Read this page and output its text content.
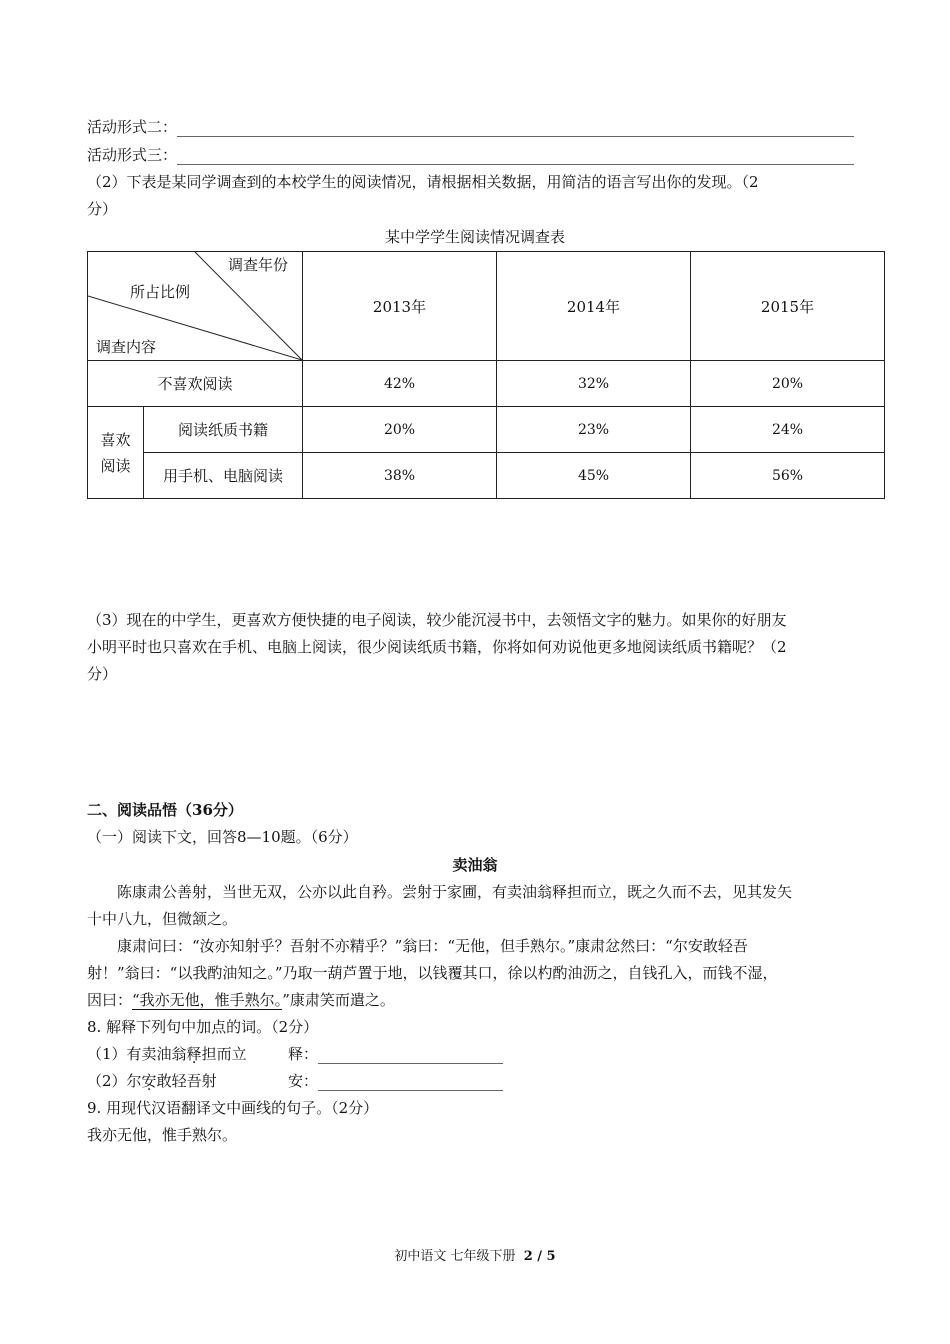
活动形式二：
活动形式三：
（2）下表是某同学调查到的本校学生的阅读情况，请根据相关数据，用简洁的语言写出你的发现。（2
分）
某中学学生阅读情况调查表
调查年份
所占比例
调查内容		2013年	2014年	2015年
不喜欢阅读		42%	32%	20%
喜欢阅读	阅读纸质书籍	20%	23%	24%
	用手机、电脑阅读	38%	45%	56%
（3）现在的中学生，更喜欢方便快捷的电子阅读，较少能沉浸书中，去领悟文字的魅力。如果你的好朋友
小明平时也只喜欢在手机、电脑上阅读，很少阅读纸质书籍，你将如何劝说他更多地阅读纸质书籍呢？（2
分）
二、阅读品悟（36分）
（一）阅读下文，回答8—10题。（6分）
卖油翁
陈康肃公善射，当世无双，公亦以此自矜。尝射于家圃，有卖油翁释担而立，既之久而不去，见其发矢
十中八九，但微颔之。
康肃问曰：“汝亦知射乎？吾射不亦精乎？”翁曰：“无他，但手熟尔。”康肃忿然曰：“尔安敢轻吾
射！”翁曰：“以我酌油知之。”乃取一葫芦置于地，以钱覆其口，徐以杓酌油沥之，自钱孔入，而钱不湿，
因曰：“我亦无他，惟手熟尔。”康肃笑而遣之。
8. 解释下列句中加点的词。（2分）
（1）有卖油翁释担而立	释：
（2）尔安敢轻吾射	安：
9. 用现代汉语翻译文中画线的句子。（2分）
我亦无他，惟手熟尔。
初中语文 七年级下册 2 / 5
